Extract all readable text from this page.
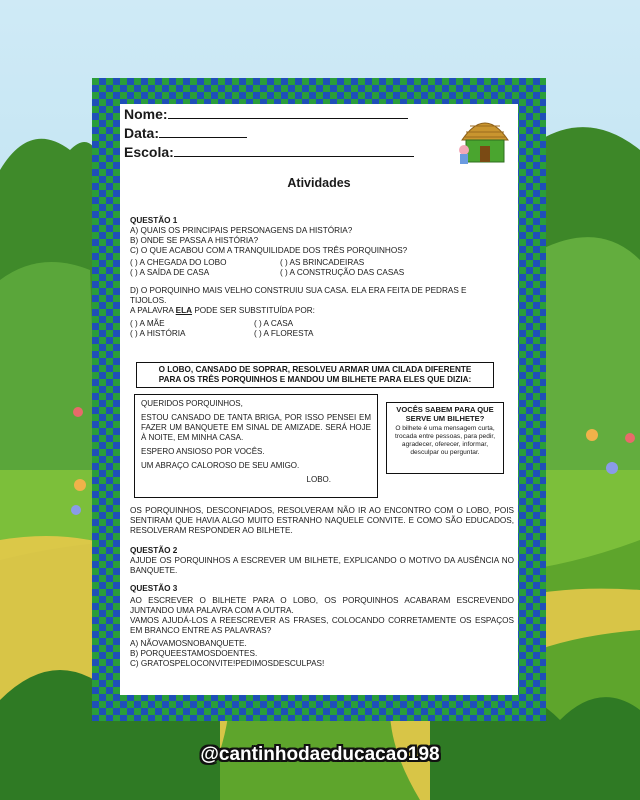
Nome:
Data:
Escola:
Atividades
QUESTÃO 1
A) QUAIS OS PRINCIPAIS PERSONAGENS DA HISTÓRIA?
B) ONDE SE PASSA A HISTÓRIA?
C) O QUE ACABOU COM A TRANQUILIDADE DOS TRÊS PORQUINHOS?
( ) A CHEGADA DO LOBO	( ) AS BRINCADEIRAS
( ) A SAÍDA DE CASA	( ) A CONSTRUÇÃO DAS CASAS
D) O PORQUINHO MAIS VELHO CONSTRUIU SUA CASA. ELA ERA FEITA DE PEDRAS E
TIJOLOS.
A PALAVRA ELA PODE SER SUBSTITUÍDA POR:
( ) A MÃE	( ) A CASA
( ) A HISTÓRIA	( ) A FLORESTA
O LOBO, CANSADO DE SOPRAR, RESOLVEU ARMAR UMA CILADA DIFERENTE
PARA OS TRÊS PORQUINHOS E MANDOU UM BILHETE PARA ELES QUE DIZIA:

QUERIDOS PORQUINHOS,

ESTOU CANSADO DE TANTA BRIGA, POR ISSO PENSEI EM FAZER UM BANQUETE EM SINAL DE AMIZADE. SERÁ HOJE À NOITE, EM MINHA CASA.

ESPERO ANSIOSO POR VOCÊS.

UM ABRAÇO CALOROSO DE SEU AMIGO.

LOBO.

VOCÊS SABEM PARA QUE SERVE UM BILHETE?
O bilhete é uma mensagem curta, trocada entre pessoas, para pedir, agradecer, oferecer, informar, desculpar ou perguntar.
OS PORQUINHOS, DESCONFIADOS, RESOLVERAM NÃO IR AO ENCONTRO COM O LOBO, POIS SENTIRAM QUE HAVIA ALGO MUITO ESTRANHO NAQUELE CONVITE. E COMO SÃO EDUCADOS, RESOLVERAM RESPONDER AO BILHETE.
QUESTÃO 2
AJUDE OS PORQUINHOS A ESCREVER UM BILHETE, EXPLICANDO O MOTIVO DA AUSÊNCIA NO BANQUETE.
QUESTÃO 3
AO ESCREVER O BILHETE PARA O LOBO, OS PORQUINHOS ACABARAM ESCREVENDO JUNTANDO UMA PALAVRA COM A OUTRA.
VAMOS AJUDÁ-LOS A REESCREVER AS FRASES, COLOCANDO CORRETAMENTE OS ESPAÇOS EM BRANCO ENTRE AS PALAVRAS?
A) NÃOVAMOSNOBANQUETE.
B) PORQUEESTAMOSDOENTES.
C) GRATOSPELOCONVITE!PEDIMOSDESCULPAS!
@cantinhodaeducacao198
